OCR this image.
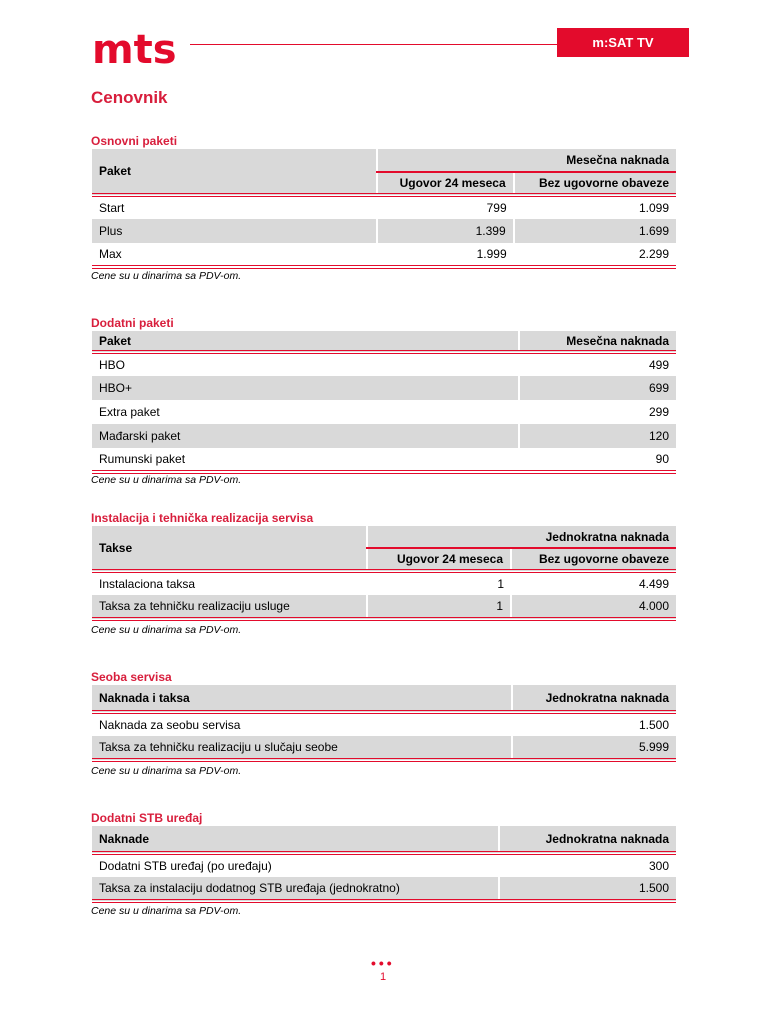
mts	m:SAT TV
Cenovnik
Osnovni paketi
Paket	Mesečna naknada	
	Ugovor 24 meseca	Bez ugovorne obaveze
Start	799	1.099
Plus	1.399	1.699
Max	1.999	2.299
Cene su u dinarima sa PDV-om.
Dodatni paketi
Paket	Mesečna naknada
HBO	499
HBO+	699
Extra paket	299
Mađarski paket	120
Rumunski paket	90
Cene su u dinarima sa PDV-om.
Instalacija i tehnička realizacija servisa
Takse	Jednokratna naknada	
	Ugovor 24 meseca	Bez ugovorne obaveze
Instalaciona taksa	1	4.499
Taksa za tehničku realizaciju usluge	1	4.000
Cene su u dinarima sa PDV-om.
Seoba servisa
Naknada i taksa	Jednokratna naknada
Naknada za seobu servisa	1.500
Taksa za tehničku realizaciju u slučaju seobe	5.999
Cene su u dinarima sa PDV-om.
Dodatni STB uređaj
Naknade	Jednokratna naknada
Dodatni STB uređaj (po uređaju)	300
Taksa za instalaciju dodatnog STB uređaja (jednokratno)	1.500
Cene su u dinarima sa PDV-om.
•••
1
